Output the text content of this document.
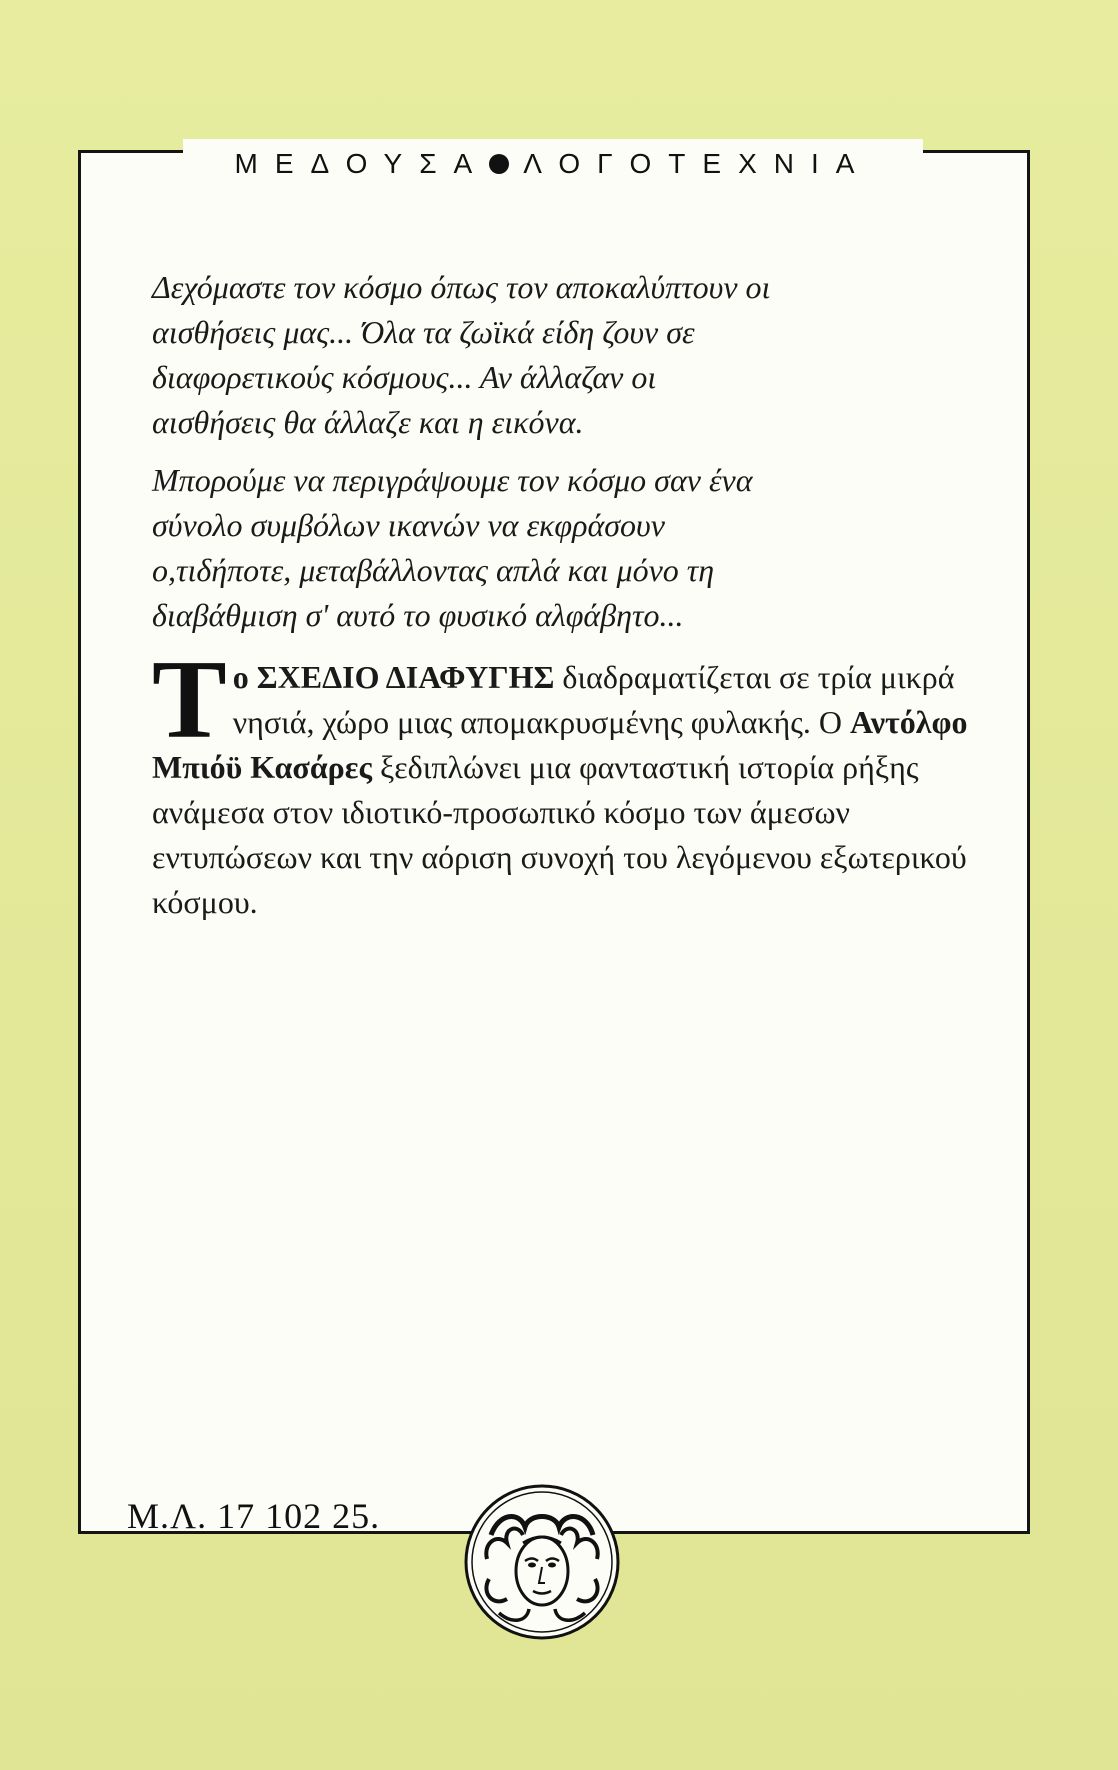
ΜΕΔΟΥΣΑ ΛΟΓΟΤΕΧΝΙΑ

Δεχόμαστε τον κόσμο όπως τον αποκαλύπτουν οι

αισθήσεις μας... Όλα τα ζωϊκά είδη ζουν σε

διαφορετικούς κόσμους... Αν άλλαζαν οι

αισθήσεις θα άλλαζε και η εικόνα.

Μπορούμε να περιγράψουμε τον κόσμο σαν ένα

σύνολο συμβόλων ικανών να εκφράσουν

ο,τιδήποτε, μεταβάλλοντας απλά και μόνο τη

διαβάθμιση σ' αυτό το φυσικό αλφάβητο...

Το ΣΧΕΔΙΟ ΔΙΑΦΥΓΗΣ διαδραματίζεται σε τρία μικρά νησιά, χώρο μιας απομακρυσμένης φυλακής. Ο Αντόλφο Μπιόϋ Κασάρες ξεδιπλώνει μια φανταστική ιστορία ρήξης ανάμεσα στον ιδιοτικό-προσωπικό κόσμο των άμεσων εντυπώσεων και την αόριση συνοχή του λεγόμενου εξωτερικού κόσμου.
Μ.Λ. 17 102 25.
